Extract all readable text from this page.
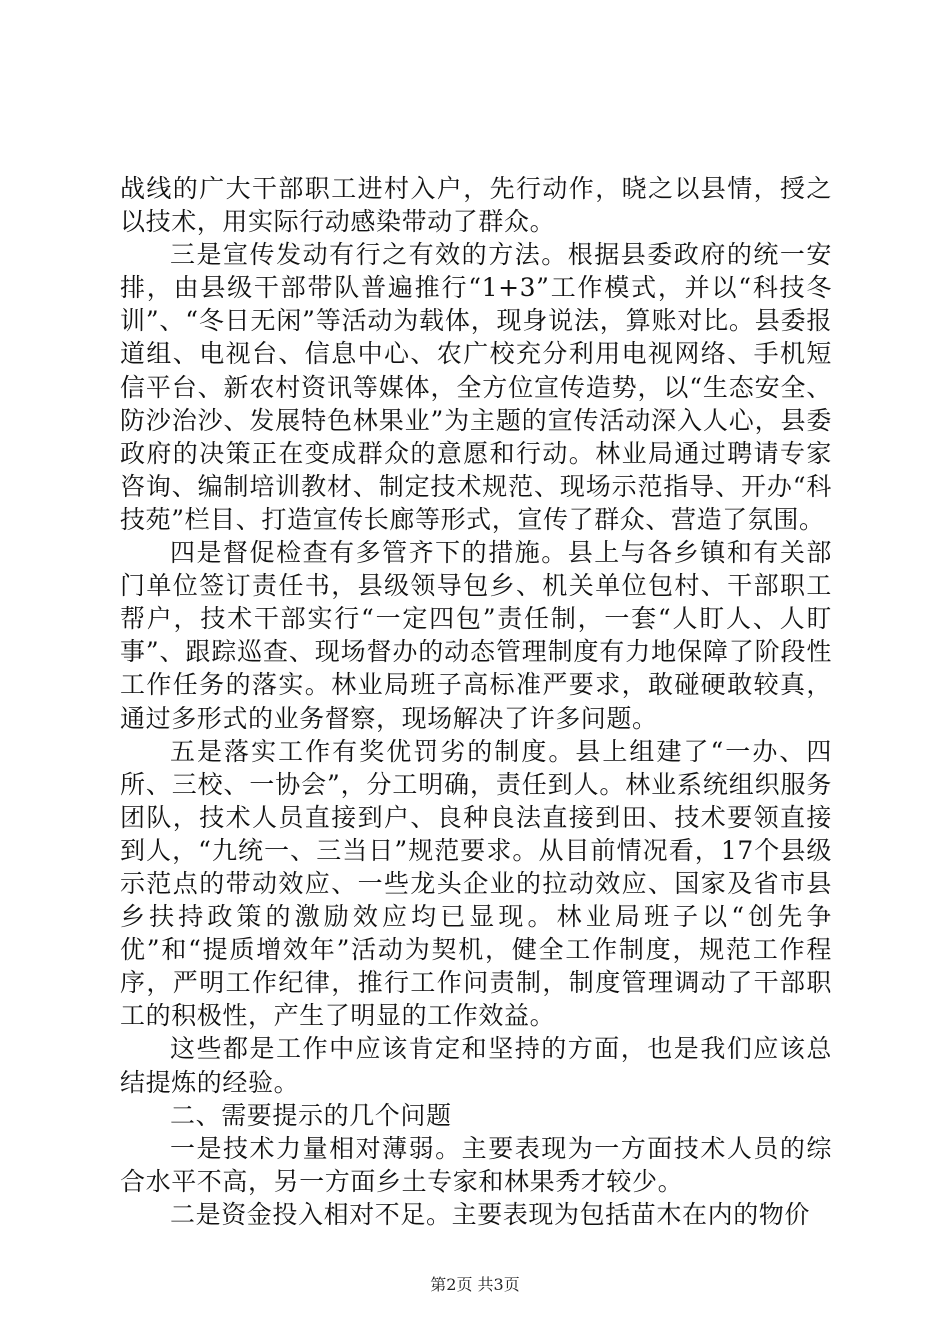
战线的广大干部职工进村入户，先行动作，晓之以县情，授之以技术，用实际行动感染带动了群众。

三是宣传发动有行之有效的方法。根据县委政府的统一安排，由县级干部带队普遍推行“1+3”工作模式，并以“科技冬训”、“冬日无闲”等活动为载体，现身说法，算账对比。县委报道组、电视台、信息中心、农广校充分利用电视网络、手机短信平台、新农村资讯等媒体，全方位宣传造势，以“生态安全、防沙治沙、发展特色林果业”为主题的宣传活动深入人心，县委政府的决策正在变成群众的意愿和行动。林业局通过聘请专家咨询、编制培训教材、制定技术规范、现场示范指导、开办“科技苑”栏目、打造宣传长廊等形式，宣传了群众、营造了氛围。

四是督促检查有多管齐下的措施。县上与各乡镇和有关部门单位签订责任书，县级领导包乡、机关单位包村、干部职工帮户，技术干部实行“一定四包”责任制，一套“人盯人、人盯事”、跟踪巡查、现场督办的动态管理制度有力地保障了阶段性工作任务的落实。林业局班子高标准严要求，敢碰硬敢较真，通过多形式的业务督察，现场解决了许多问题。

五是落实工作有奖优罚劣的制度。县上组建了“一办、四所、三校、一协会”，分工明确，责任到人。林业系统组织服务团队，技术人员直接到户、良种良法直接到田、技术要领直接到人，“九统一、三当日”规范要求。从目前情况看，17个县级示范点的带动效应、一些龙头企业的拉动效应、国家及省市县乡扶持政策的激励效应均已显现。林业局班子以“创先争优”和“提质增效年”活动为契机，健全工作制度，规范工作程序，严明工作纪律，推行工作问责制，制度管理调动了干部职工的积极性，产生了明显的工作效益。

这些都是工作中应该肯定和坚持的方面，也是我们应该总结提炼的经验。

二、需要提示的几个问题

一是技术力量相对薄弱。主要表现为一方面技术人员的综合水平不高，另一方面乡土专家和林果秀才较少。

二是资金投入相对不足。主要表现为包括苗木在内的物价

第2页 共3页
